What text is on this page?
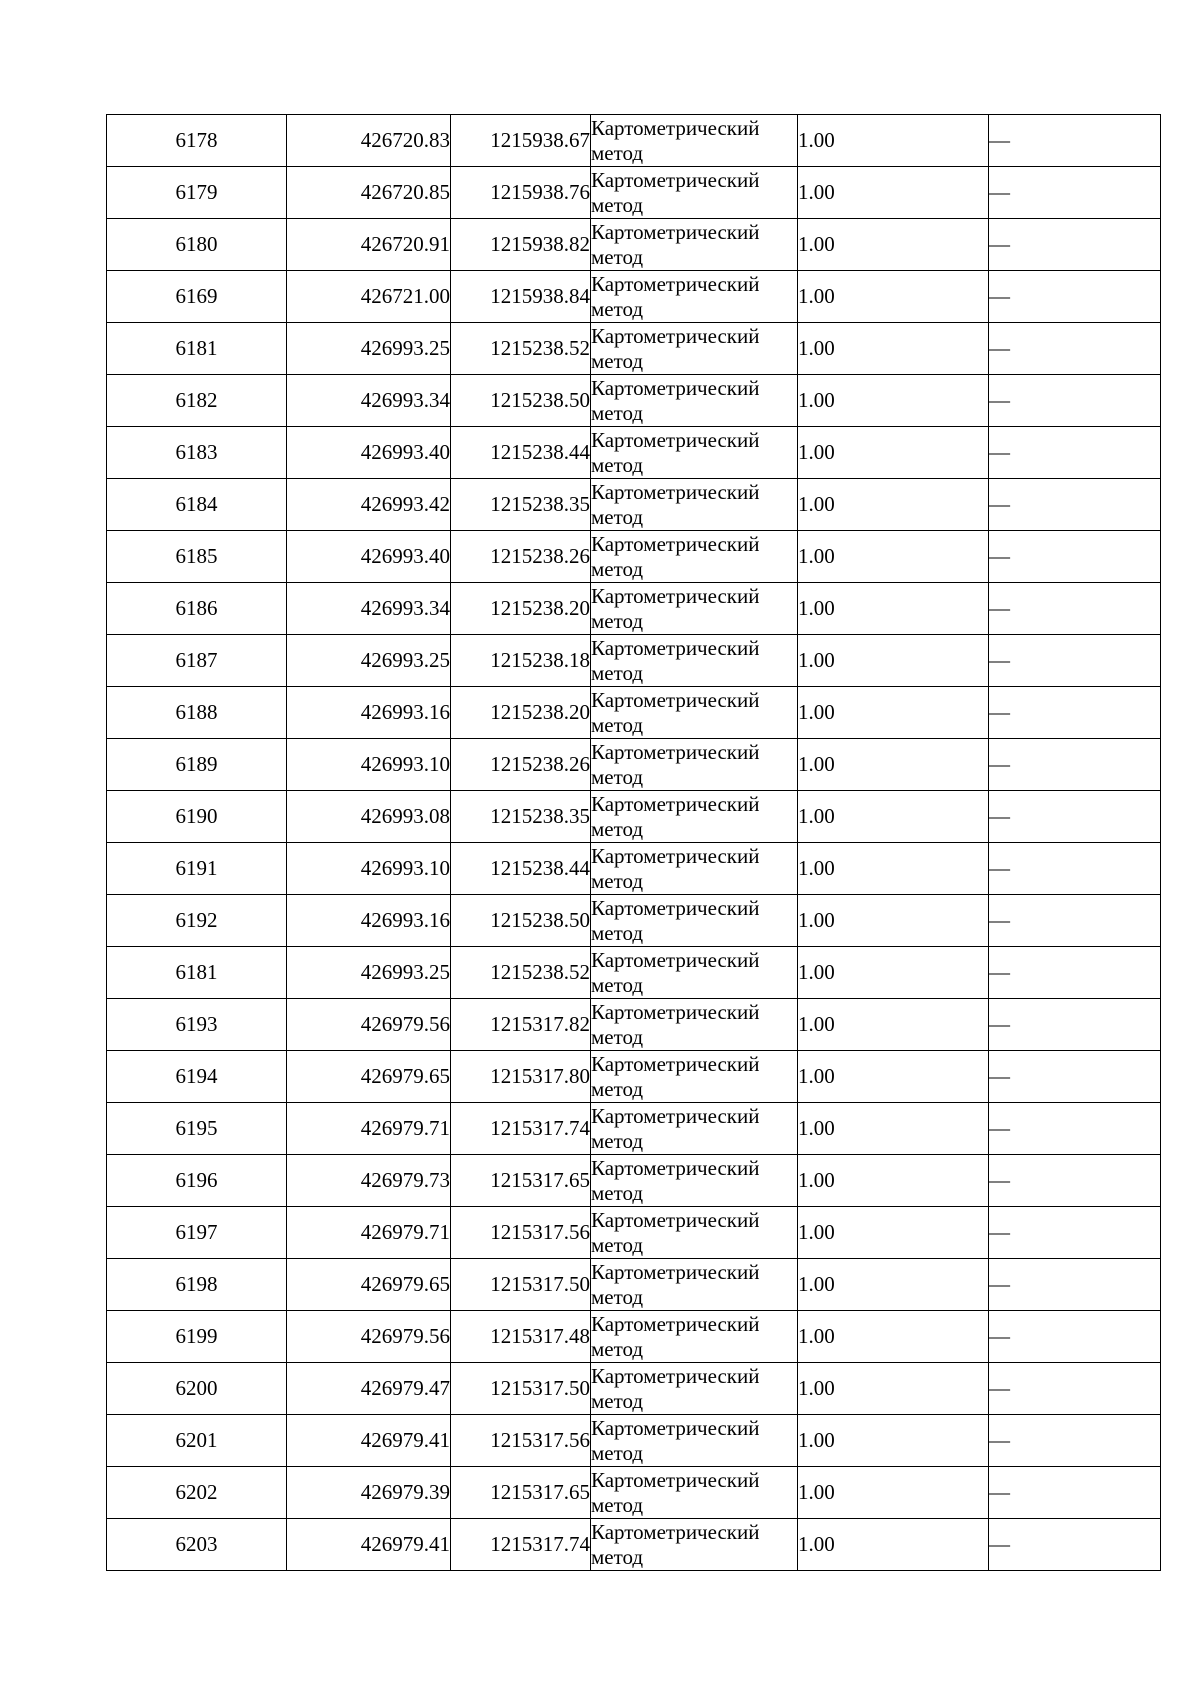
6178	426720.83	1215938.67	Картометрический
метод	1.00	—
6179	426720.85	1215938.76	Картометрический
метод	1.00	—
6180	426720.91	1215938.82	Картометрический
метод	1.00	—
6169	426721.00	1215938.84	Картометрический
метод	1.00	—
6181	426993.25	1215238.52	Картометрический
метод	1.00	—
6182	426993.34	1215238.50	Картометрический
метод	1.00	—
6183	426993.40	1215238.44	Картометрический
метод	1.00	—
6184	426993.42	1215238.35	Картометрический
метод	1.00	—
6185	426993.40	1215238.26	Картометрический
метод	1.00	—
6186	426993.34	1215238.20	Картометрический
метод	1.00	—
6187	426993.25	1215238.18	Картометрический
метод	1.00	—
6188	426993.16	1215238.20	Картометрический
метод	1.00	—
6189	426993.10	1215238.26	Картометрический
метод	1.00	—
6190	426993.08	1215238.35	Картометрический
метод	1.00	—
6191	426993.10	1215238.44	Картометрический
метод	1.00	—
6192	426993.16	1215238.50	Картометрический
метод	1.00	—
6181	426993.25	1215238.52	Картометрический
метод	1.00	—
6193	426979.56	1215317.82	Картометрический
метод	1.00	—
6194	426979.65	1215317.80	Картометрический
метод	1.00	—
6195	426979.71	1215317.74	Картометрический
метод	1.00	—
6196	426979.73	1215317.65	Картометрический
метод	1.00	—
6197	426979.71	1215317.56	Картометрический
метод	1.00	—
6198	426979.65	1215317.50	Картометрический
метод	1.00	—
6199	426979.56	1215317.48	Картометрический
метод	1.00	—
6200	426979.47	1215317.50	Картометрический
метод	1.00	—
6201	426979.41	1215317.56	Картометрический
метод	1.00	—
6202	426979.39	1215317.65	Картометрический
метод	1.00	—
6203	426979.41	1215317.74	Картометрический
метод	1.00	—
